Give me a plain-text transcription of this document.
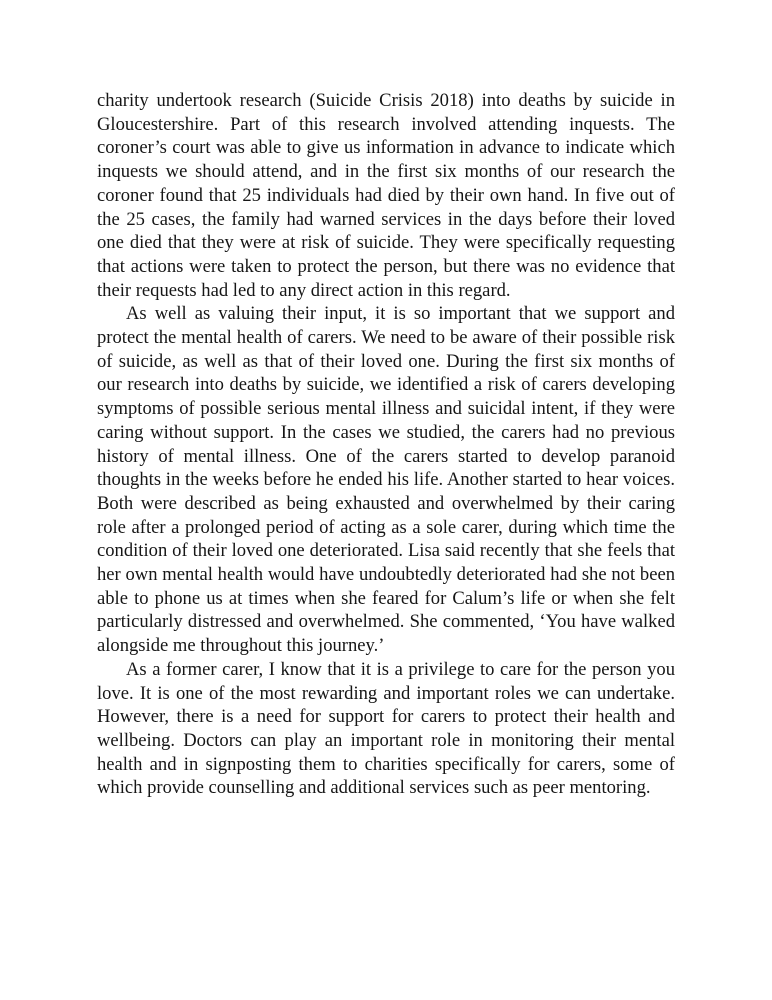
charity undertook research (Suicide Crisis 2018) into deaths by suicide in Gloucestershire. Part of this research involved attending inquests. The coroner’s court was able to give us information in advance to indicate which inquests we should attend, and in the first six months of our research the coroner found that 25 individuals had died by their own hand. In five out of the 25 cases, the family had warned services in the days before their loved one died that they were at risk of suicide. They were specifically requesting that actions were taken to protect the person, but there was no evidence that their requests had led to any direct action in this regard.

As well as valuing their input, it is so important that we support and protect the mental health of carers. We need to be aware of their possible risk of suicide, as well as that of their loved one. During the first six months of our research into deaths by suicide, we identified a risk of carers developing symptoms of possible serious mental illness and suicidal intent, if they were caring without support. In the cases we studied, the carers had no previous history of mental illness. One of the carers started to develop paranoid thoughts in the weeks before he ended his life. Another started to hear voices. Both were described as being exhausted and overwhelmed by their caring role after a prolonged period of acting as a sole carer, during which time the condition of their loved one deteriorated. Lisa said recently that she feels that her own mental health would have undoubtedly deteriorated had she not been able to phone us at times when she feared for Calum’s life or when she felt particularly distressed and overwhelmed. She commented, ‘You have walked alongside me throughout this journey.’

As a former carer, I know that it is a privilege to care for the person you love. It is one of the most rewarding and important roles we can undertake. However, there is a need for support for carers to protect their health and wellbeing. Doctors can play an important role in monitoring their mental health and in signposting them to charities specifically for carers, some of which provide counselling and additional services such as peer mentoring.
